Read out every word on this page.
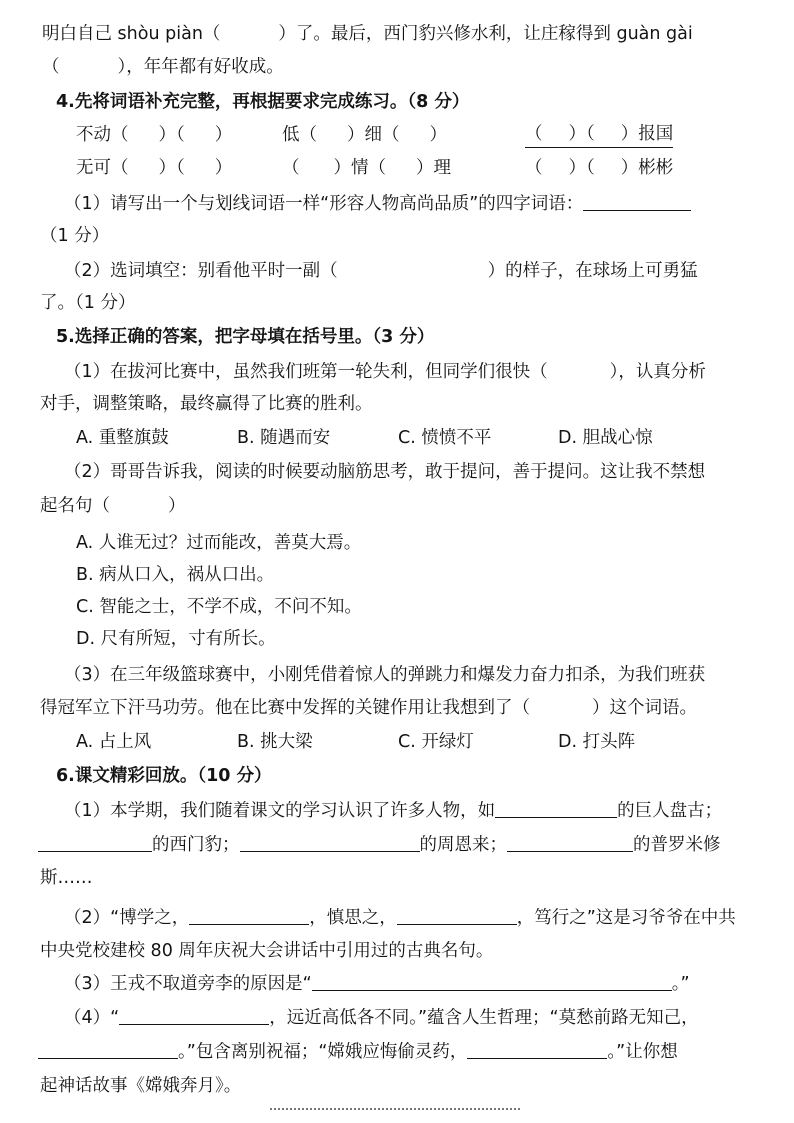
明白自己 shòu piàn（	）了。最后，西门豹兴修水利，让庄稼得到 guàn gài
（	），年年都有好收成。
4.先将词语补充完整，再根据要求完成练习。（8 分）
不动（ ）（ ）	低（ ）细（ ）	（ ）（ ）报国
无可（ ）（ ）	（ ）情（ ）理	（ ）（ ）彬彬
（1）请写出一个与划线词语一样“形容人物高尚品质”的四字词语：
（1 分）
（2）选词填空：别看他平时一副（	）的样子，在球场上可勇猛
了。（1 分）
5.选择正确的答案，把字母填在括号里。（3 分）
（1）在拔河比赛中，虽然我们班第一轮失利，但同学们很快（	），认真分析
对手，调整策略，最终赢得了比赛的胜利。
A. 重整旗鼓	B. 随遇而安	C. 愤愤不平	D. 胆战心惊
（2）哥哥告诉我，阅读的时候要动脑筋思考，敢于提问，善于提问。这让我不禁想
起名句（	）
A. 人谁无过？过而能改，善莫大焉。
B. 病从口入，祸从口出。
C. 智能之士，不学不成，不问不知。
D. 尺有所短，寸有所长。
（3）在三年级篮球赛中，小刚凭借着惊人的弹跳力和爆发力奋力扣杀，为我们班获
得冠军立下汗马功劳。他在比赛中发挥的关键作用让我想到了（	）这个词语。
A. 占上风	B. 挑大梁	C. 开绿灯	D. 打头阵
6.课文精彩回放。（10 分）
（1）本学期，我们随着课文的学习认识了许多人物，如	的巨人盘古；
的西门豹；	的周恩来；	的普罗米修
斯……
（2）“博学之，	，慎思之，	，笃行之”这是习爷爷在中共
中央党校建校 80 周年庆祝大会讲话中引用过的古典名句。
（3）王戎不取道旁李的原因是“	。”
（4）“	，远近高低各不同。”蕴含人生哲理；“莫愁前路无知己，
。”包含离别祝福；“嫦娥应悔偷灵药，	。”让你想
起神话故事《嫦娥奔月》。
